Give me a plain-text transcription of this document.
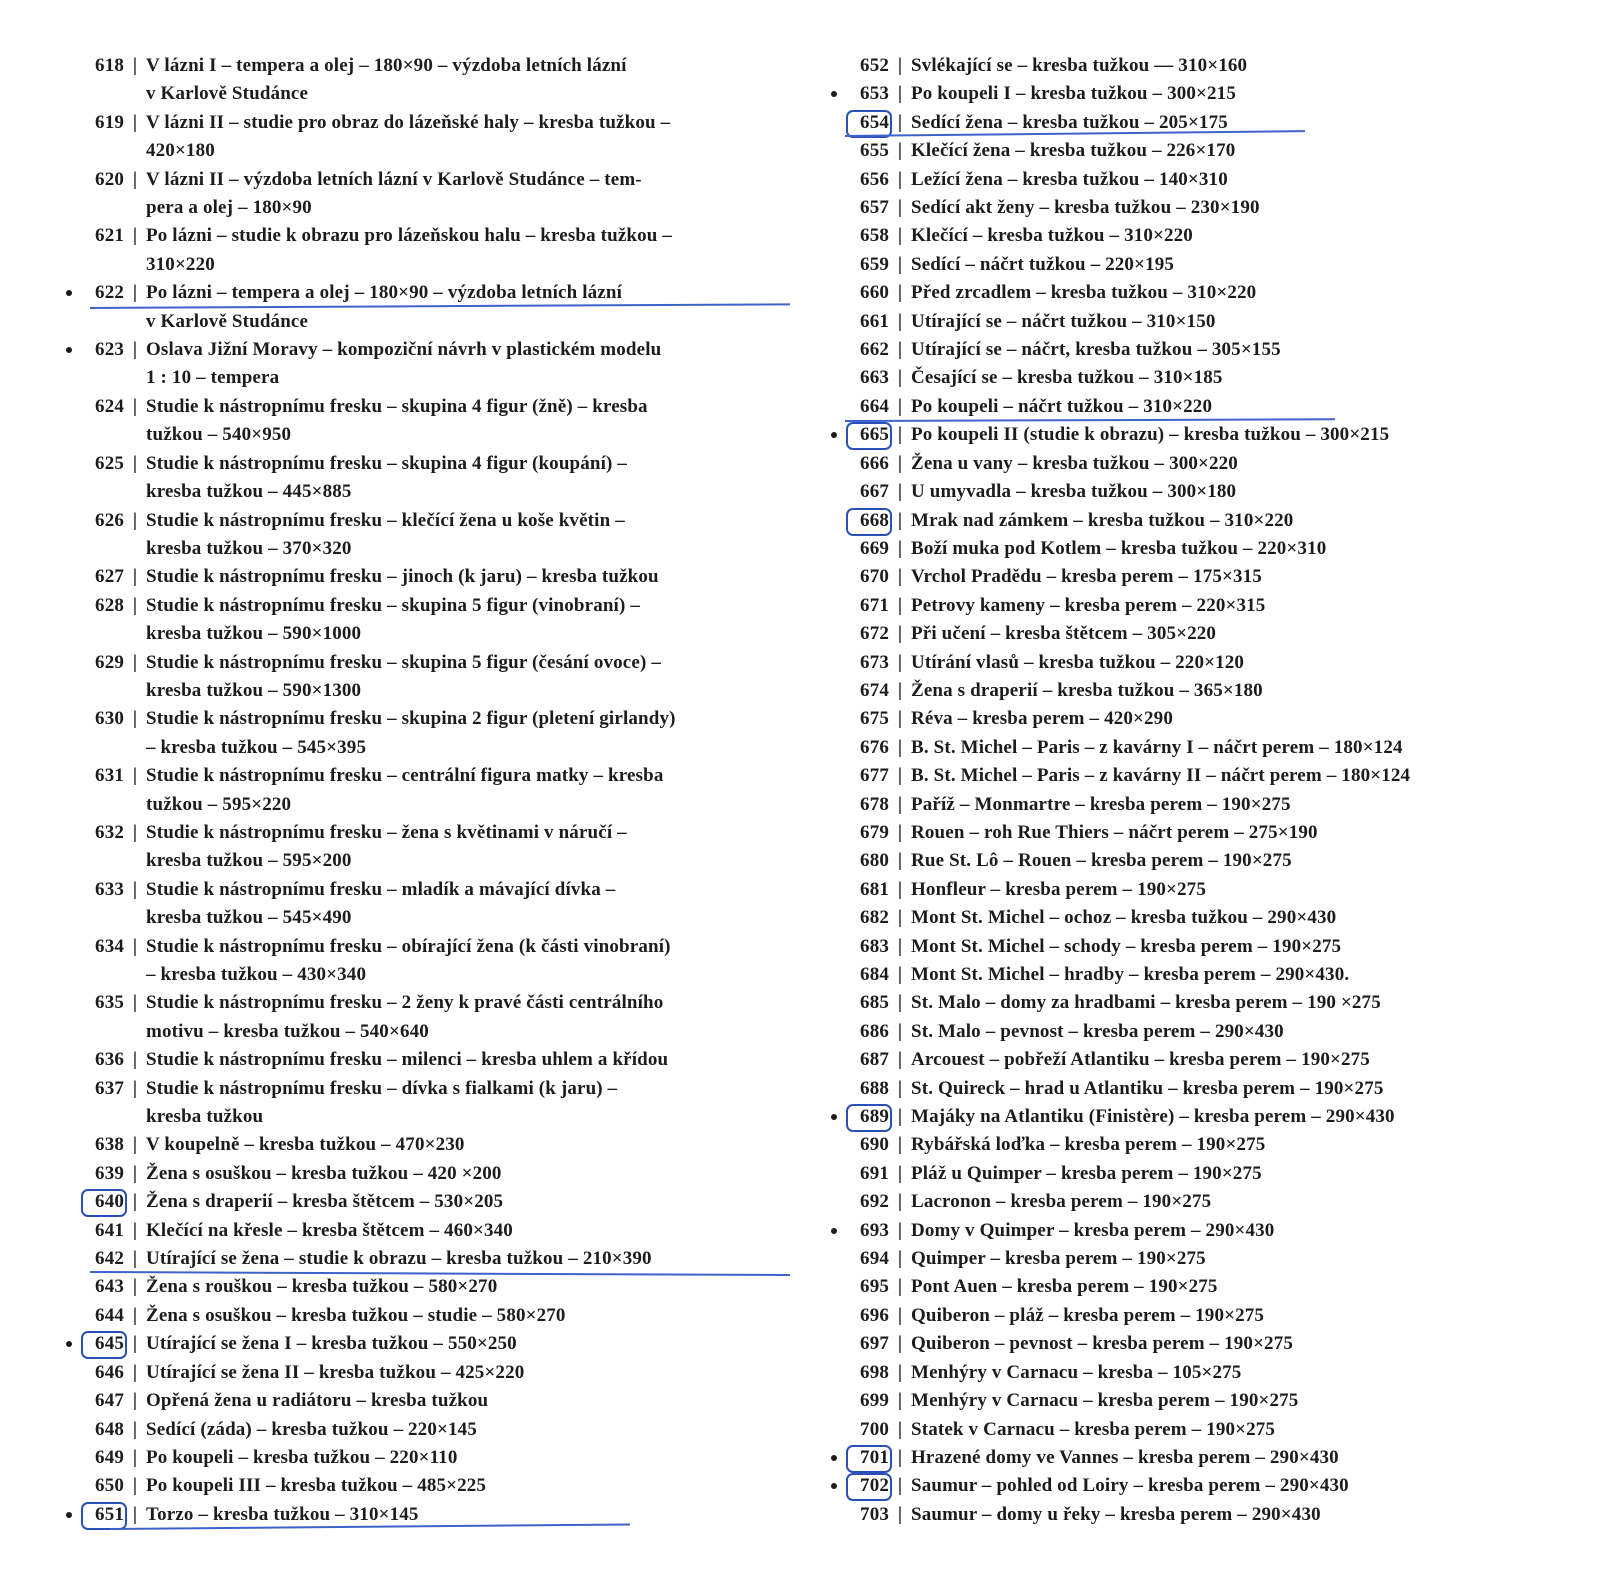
618 | V lázni I – tempera a olej – 180×90 – výzdoba letních lázní
v Karlově Studánce
619 | V lázni II – studie pro obraz do lázeňské haly – kresba tužkou –
420×180
620 | V lázni II – výzdoba letních lázní v Karlově Studánce – tem-
pera a olej – 180×90
621 | Po lázni – studie k obrazu pro lázeňskou halu – kresba tužkou –
310×220
622 | Po lázni – tempera a olej – 180×90 – výzdoba letních lázní
v Karlově Studánce
623 | Oslava Jižní Moravy – kompoziční návrh v plastickém modelu
1 : 10 – tempera
624 | Studie k nástropnímu fresku – skupina 4 figur (žně) – kresba
tužkou – 540×950
625 | Studie k nástropnímu fresku – skupina 4 figur (koupání) –
kresba tužkou – 445×885
626 | Studie k nástropnímu fresku – klečící žena u koše květin –
kresba tužkou – 370×320
627 | Studie k nástropnímu fresku – jinoch (k jaru) – kresba tužkou
628 | Studie k nástropnímu fresku – skupina 5 figur (vinobraní) –
kresba tužkou – 590×1000
629 | Studie k nástropnímu fresku – skupina 5 figur (česání ovoce) –
kresba tužkou – 590×1300
630 | Studie k nástropnímu fresku – skupina 2 figur (pletení girlandy)
– kresba tužkou – 545×395
631 | Studie k nástropnímu fresku – centrální figura matky – kresba
tužkou – 595×220
632 | Studie k nástropnímu fresku – žena s květinami v náručí –
kresba tužkou – 595×200
633 | Studie k nástropnímu fresku – mladík a mávající dívka –
kresba tužkou – 545×490
634 | Studie k nástropnímu fresku – obírající žena (k části vinobraní)
– kresba tužkou – 430×340
635 | Studie k nástropnímu fresku – 2 ženy k pravé části centrálního
motivu – kresba tužkou – 540×640
636 | Studie k nástropnímu fresku – milenci – kresba uhlem a křídou
637 | Studie k nástropnímu fresku – dívka s fialkami (k jaru) –
kresba tužkou
638 | V koupelně – kresba tužkou – 470×230
639 | Žena s osuškou – kresba tužkou – 420 ×200
640 | Žena s draperií – kresba štětcem – 530×205
641 | Klečící na křesle – kresba štětcem – 460×340
642 | Utírající se žena – studie k obrazu – kresba tužkou – 210×390
643 | Žena s rouškou – kresba tužkou – 580×270
644 | Žena s osuškou – kresba tužkou – studie – 580×270
645 | Utírající se žena I – kresba tužkou – 550×250
646 | Utírající se žena II – kresba tužkou – 425×220
647 | Opřená žena u radiátoru – kresba tužkou
648 | Sedící (záda) – kresba tužkou – 220×145
649 | Po koupeli – kresba tužkou – 220×110
650 | Po koupeli III – kresba tužkou – 485×225
651 | Torzo – kresba tužkou – 310×145
652 | Svlékající se – kresba tužkou — 310×160
653 | Po koupeli I – kresba tužkou – 300×215
654 | Sedící žena – kresba tužkou – 205×175
655 | Klečící žena – kresba tužkou – 226×170
656 | Ležící žena – kresba tužkou – 140×310
657 | Sedící akt ženy – kresba tužkou – 230×190
658 | Klečící – kresba tužkou – 310×220
659 | Sedící – náčrt tužkou – 220×195
660 | Před zrcadlem – kresba tužkou – 310×220
661 | Utírající se – náčrt tužkou – 310×150
662 | Utírající se – náčrt, kresba tužkou – 305×155
663 | Česající se – kresba tužkou – 310×185
664 | Po koupeli – náčrt tužkou – 310×220
665 | Po koupeli II (studie k obrazu) – kresba tužkou – 300×215
666 | Žena u vany – kresba tužkou – 300×220
667 | U umyvadla – kresba tužkou – 300×180
668 | Mrak nad zámkem – kresba tužkou – 310×220
669 | Boží muka pod Kotlem – kresba tužkou – 220×310
670 | Vrchol Pradědu – kresba perem – 175×315
671 | Petrovy kameny – kresba perem – 220×315
672 | Při učení – kresba štětcem – 305×220
673 | Utírání vlasů – kresba tužkou – 220×120
674 | Žena s draperií – kresba tužkou – 365×180
675 | Réva – kresba perem – 420×290
676 | B. St. Michel – Paris – z kavárny I – náčrt perem – 180×124
677 | B. St. Michel – Paris – z kavárny II – náčrt perem – 180×124
678 | Paříž – Monmartre – kresba perem – 190×275
679 | Rouen – roh Rue Thiers – náčrt perem – 275×190
680 | Rue St. Lô – Rouen – kresba perem – 190×275
681 | Honfleur – kresba perem – 190×275
682 | Mont St. Michel – ochoz – kresba tužkou – 290×430
683 | Mont St. Michel – schody – kresba perem – 190×275
684 | Mont St. Michel – hradby – kresba perem – 290×430.
685 | St. Malo – domy za hradbami – kresba perem – 190 ×275
686 | St. Malo – pevnost – kresba perem – 290×430
687 | Arcouest – pobřeží Atlantiku – kresba perem – 190×275
688 | St. Quireck – hrad u Atlantiku – kresba perem – 190×275
689 | Majáky na Atlantiku (Finistère) – kresba perem – 290×430
690 | Rybářská loďka – kresba perem – 190×275
691 | Pláž u Quimper – kresba perem – 190×275
692 | Lacronon – kresba perem – 190×275
693 | Domy v Quimper – kresba perem – 290×430
694 | Quimper – kresba perem – 190×275
695 | Pont Auen – kresba perem – 190×275
696 | Quiberon – pláž – kresba perem – 190×275
697 | Quiberon – pevnost – kresba perem – 190×275
698 | Menhýry v Carnacu – kresba – 105×275
699 | Menhýry v Carnacu – kresba perem – 190×275
700 | Statek v Carnacu – kresba perem – 190×275
701 | Hrazené domy ve Vannes – kresba perem – 290×430
702 | Saumur – pohled od Loiry – kresba perem – 290×430
703 | Saumur – domy u řeky – kresba perem – 290×430
